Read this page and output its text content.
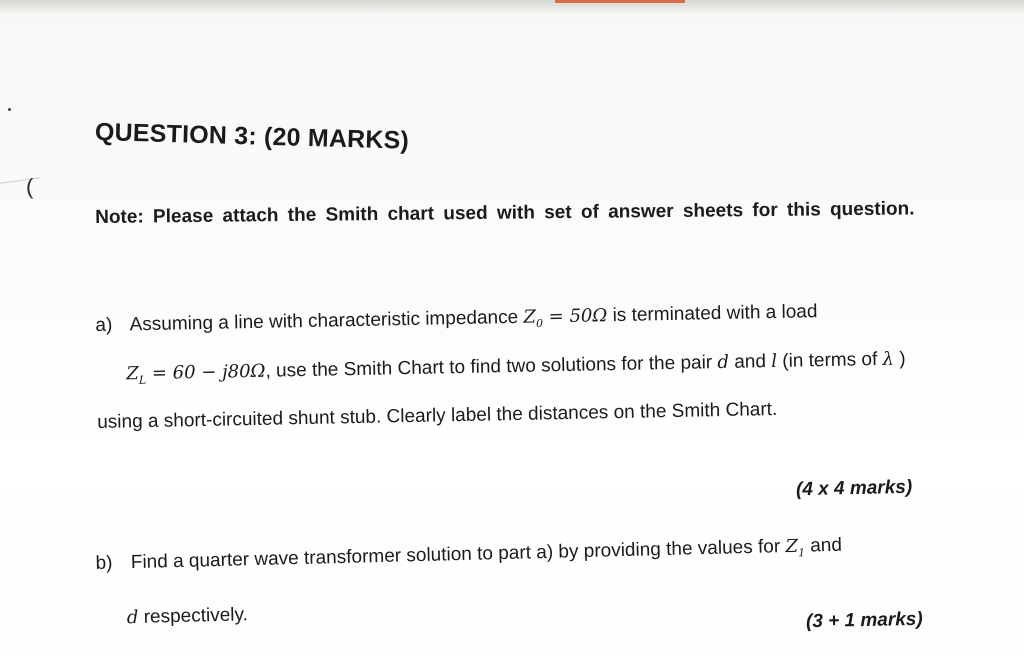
(
QUESTION 3: (20 MARKS)
Note: Please attach the Smith chart used with set of answer sheets for this question.
a) Assuming a line with characteristic impedance $Z_0 = 50\Omega$ is terminated with a load
$Z_L = 60 - j80\Omega$, use the Smith Chart to find two solutions for the pair d and l (in terms of λ ) using a short-circuited shunt stub. Clearly label the distances on the Smith Chart.
(4 x 4 marks)
b) Find a quarter wave transformer solution to part a) by providing the values for $Z_1$ and
d respectively.	(3 + 1 marks)
